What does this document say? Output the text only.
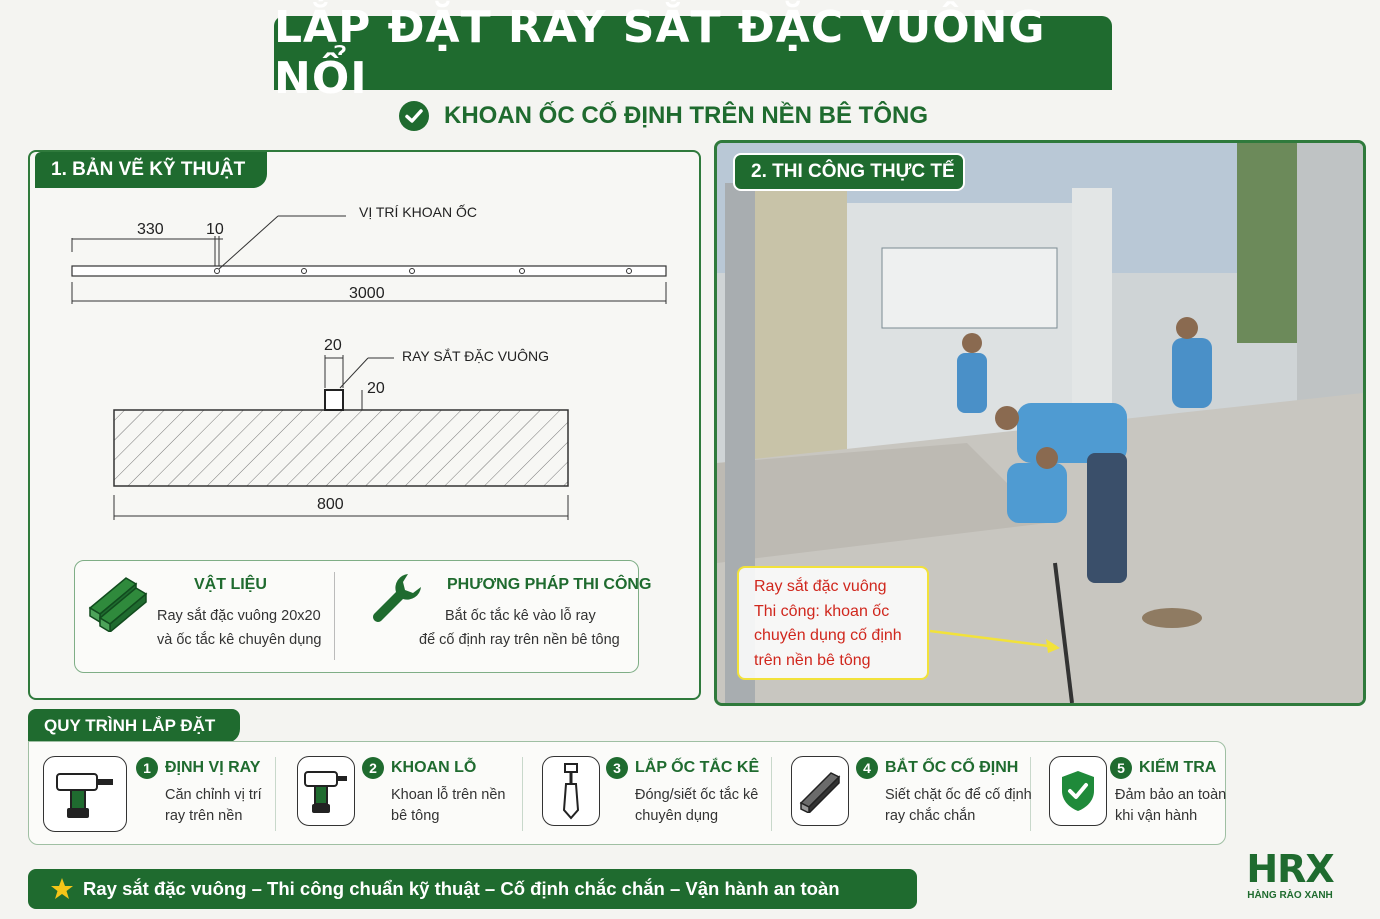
LẮP ĐẶT RAY SẮT ĐẶC VUÔNG NỔI
KHOAN ỐC CỐ ĐỊNH TRÊN NỀN BÊ TÔNG
1. BẢN VẼ KỸ THUẬT
330	10
VỊ TRÍ KHOAN ỐC
3000
20
RAY SẮT ĐẶC VUÔNG
20
800
VẬT LIỆU
Ray sắt đặc vuông 20x20
và ốc tắc kê chuyên dụng
PHƯƠNG PHÁP THI CÔNG
Bắt ốc tắc kê vào lỗ ray
để cố định ray trên nền bê tông
2. THI CÔNG THỰC TẾ
Ray sắt đặc vuông
Thi công: khoan ốc
chuyên dụng cố định
trên nền bê tông
QUY TRÌNH LẮP ĐẶT
1 ĐỊNH VỊ RAY
Căn chỉnh vị trí
ray trên nền
2 KHOAN LỖ
Khoan lỗ trên nền
bê tông
3 LẮP ỐC TẮC KÊ
Đóng/siết ốc tắc kê
chuyên dụng
4 BẮT ỐC CỐ ĐỊNH
Siết chặt ốc để cố định
ray chắc chắn
5 KIỂM TRA
Đảm bảo an toàn
khi vận hành
Ray sắt đặc vuông – Thi công chuẩn kỹ thuật – Cố định chắc chắn – Vận hành an toàn	HRX
HÀNG RÀO XANH
